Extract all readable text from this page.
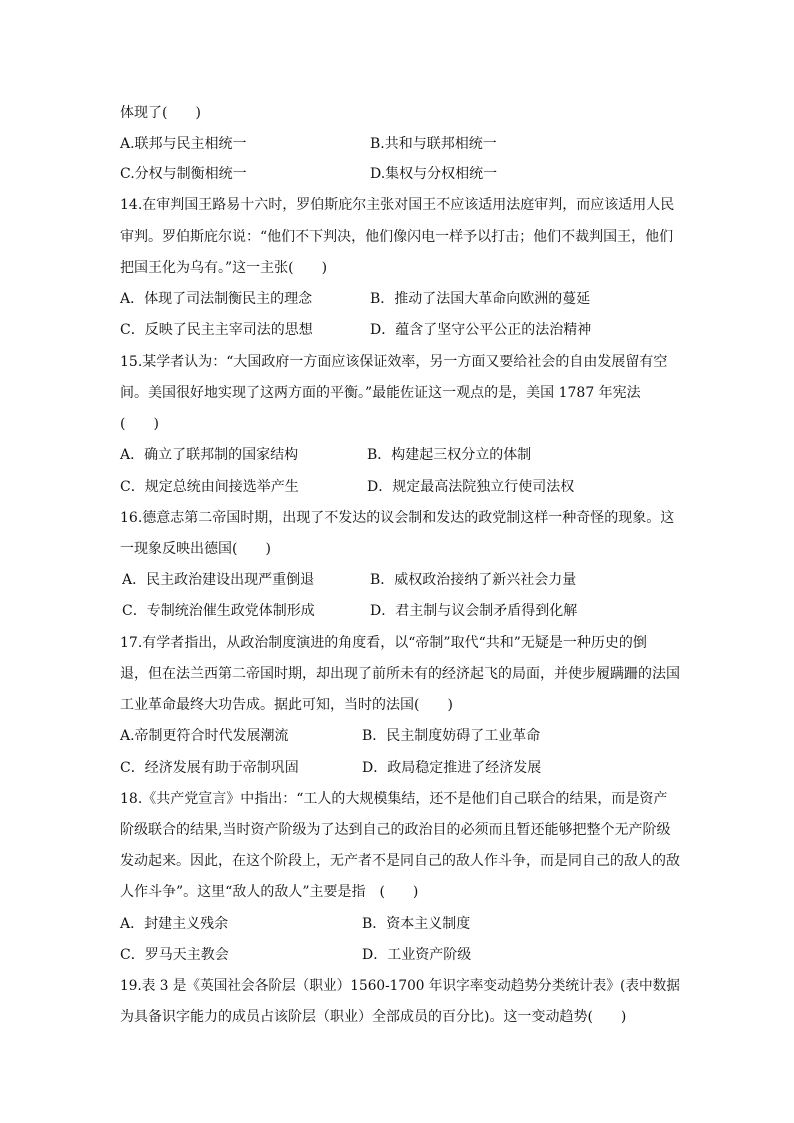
体现了(　　)
A.联邦与民主相统一	B.共和与联邦相统一
C.分权与制衡相统一	D.集权与分权相统一
14.在审判国王路易十六时，罗伯斯庇尔主张对国王不应该适用法庭审判，而应该适用人民
审判。罗伯斯庇尔说：“他们不下判决，他们像闪电一样予以打击；他们不裁判国王，他们
把国王化为乌有。”这一主张(　　)
A．体现了司法制衡民主的理念	B．推动了法国大革命向欧洲的蔓延
C．反映了民主主宰司法的思想	D．蕴含了坚守公平公正的法治精神
15.某学者认为：“大国政府一方面应该保证效率，另一方面又要给社会的自由发展留有空
间。美国很好地实现了这两方面的平衡。”最能佐证这一观点的是，美国 1787 年宪法
(　　)
A．确立了联邦制的国家结构	B．构建起三权分立的体制
C．规定总统由间接选举产生	D．规定最高法院独立行使司法权
16.德意志第二帝国时期，出现了不发达的议会制和发达的政党制这样一种奇怪的现象。这
一现象反映出德国(　　)
A．民主政治建设出现严重倒退	B．威权政治接纳了新兴社会力量
C．专制统治催生政党体制形成	D．君主制与议会制矛盾得到化解
17.有学者指出，从政治制度演进的角度看，以“帝制”取代“共和”无疑是一种历史的倒
退，但在法兰西第二帝国时期，却出现了前所未有的经济起飞的局面，并使步履蹒跚的法国
工业革命最终大功告成。据此可知，当时的法国(　　)
A.帝制更符合时代发展潮流	B．民主制度妨碍了工业革命
C．经济发展有助于帝制巩固	D．政局稳定推进了经济发展
18.《共产党宣言》中指出：“工人的大规模集结，还不是他们自己联合的结果，而是资产
阶级联合的结果,当时资产阶级为了达到自己的政治目的必须而且暂还能够把整个无产阶级
发动起来。因此，在这个阶段上，无产者不是同自己的敌人作斗争，而是同自己的敌人的敌
人作斗争”。这里“敌人的敌人”主要是指　(　　)
A．封建主义残余	B．资本主义制度
C．罗马天主教会	D．工业资产阶级
19.表 3 是《英国社会各阶层（职业）1560-1700 年识字率变动趋势分类统计表》(表中数据
为具备识字能力的成员占该阶层（职业）全部成员的百分比)。这一变动趋势(　　)
